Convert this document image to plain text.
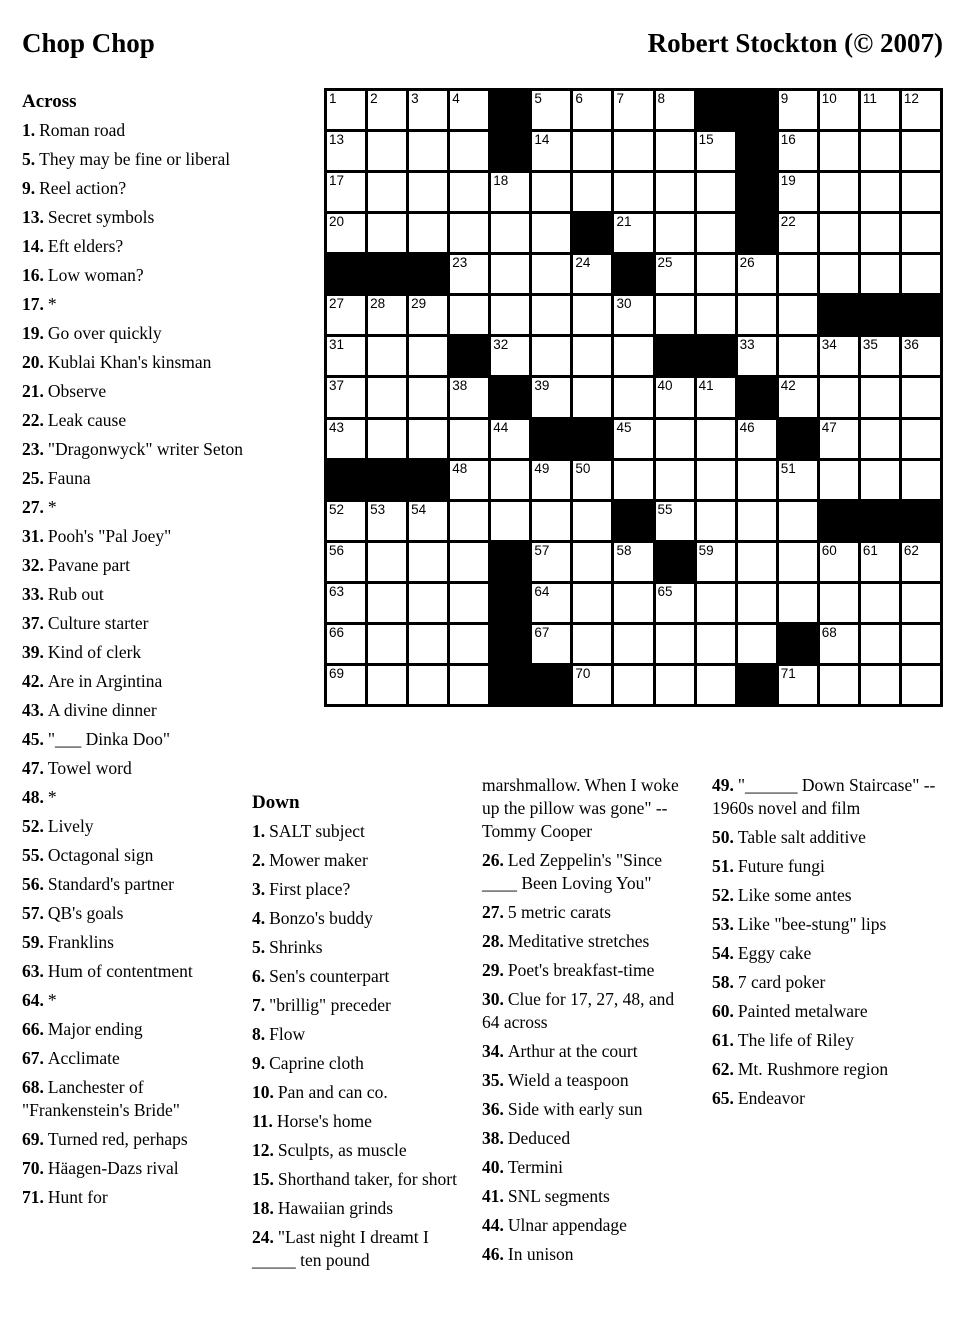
Chop Chop	Robert Stockton (© 2007)
1 2 3 4	5 6 7 8	9 10 11 12
13	14	15	16
17	18	19
20	21	22
23	24	25	26
27 28 29	30
31	32	33	34 35 36
37	38	39	40 41	42
43	44	45	46	47
48	49 50	51
52 53 54	55
56	57	58	59	60 61 62
63	64	65
66	67	68
69	70	71
Across
1. Roman road
5. They may be fine or liberal
9. Reel action?
13. Secret symbols
14. Eft elders?
16. Low woman?
17. *
19. Go over quickly
20. Kublai Khan's kinsman
21. Observe
22. Leak cause
23. "Dragonwyck" writer Seton
25. Fauna
27. *
31. Pooh's "Pal Joey"
32. Pavane part
33. Rub out
37. Culture starter
39. Kind of clerk
42. Are in Argintina
43. A divine dinner
45. "___ Dinka Doo"
47. Towel word
48. *
52. Lively
55. Octagonal sign
56. Standard's partner
57. QB's goals
59. Franklins
63. Hum of contentment
64. *
66. Major ending
67. Acclimate
68. Lanchester of "Frankenstein's Bride"
69. Turned red, perhaps
70. Häagen-Dazs rival
71. Hunt for
Down
1. SALT subject
2. Mower maker
3. First place?
4. Bonzo's buddy
5. Shrinks
6. Sen's counterpart
7. "brillig" preceder
8. Flow
9. Caprine cloth
10. Pan and can co.
11. Horse's home
12. Sculpts, as muscle
15. Shorthand taker, for short
18. Hawaiian grinds
24. "Last night I dreamt I _____ ten pound
marshmallow. When I woke up the pillow was gone" -- Tommy Cooper
26. Led Zeppelin's "Since ____ Been Loving You"
27. 5 metric carats
28. Meditative stretches
29. Poet's breakfast-time
30. Clue for 17, 27, 48, and 64 across
34. Arthur at the court
35. Wield a teaspoon
36. Side with early sun
38. Deduced
40. Termini
41. SNL segments
44. Ulnar appendage
46. In unison
49. "______ Down Staircase" -- 1960s novel and film
50. Table salt additive
51. Future fungi
52. Like some antes
53. Like "bee-stung" lips
54. Eggy cake
58. 7 card poker
60. Painted metalware
61. The life of Riley
62. Mt. Rushmore region
65. Endeavor
